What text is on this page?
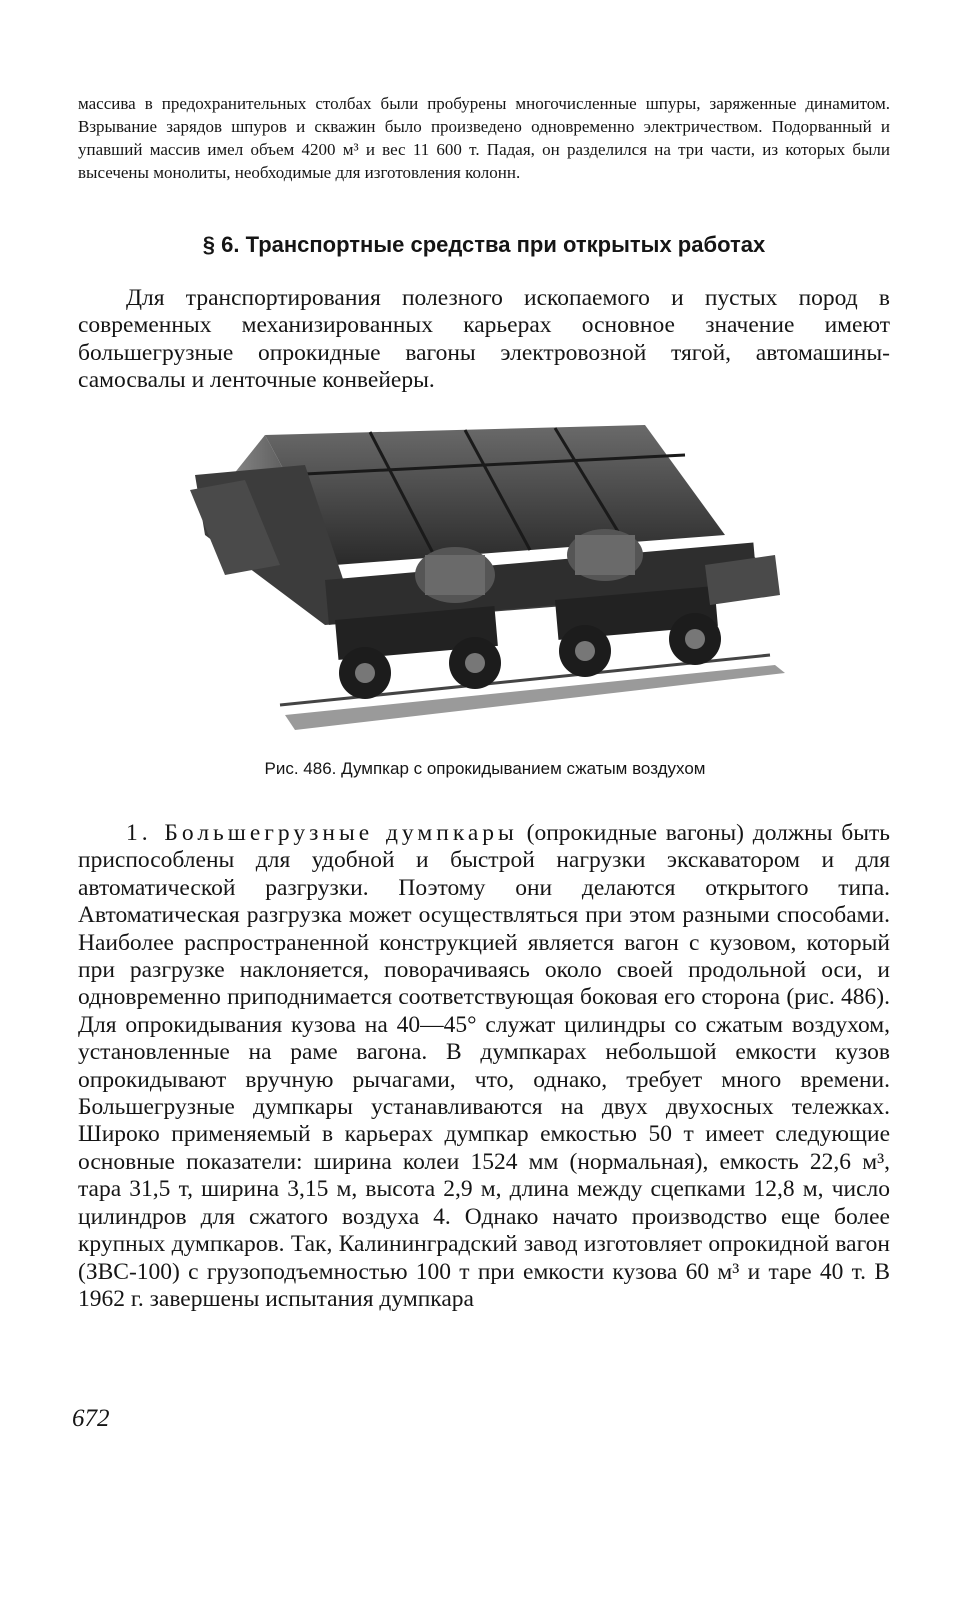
массива в предохранительных столбах были пробурены многочисленные шпуры, заряженные динамитом. Взрывание зарядов шпуров и скважин было произведено одновременно электричеством. Подорванный и упавший массив имел объем 4200 м³ и вес 11 600 т. Падая, он разделился на три части, из которых были высечены монолиты, необходимые для изготовления колонн.

§ 6. Транспортные средства при открытых работах

Для транспортирования полезного ископаемого и пустых пород в современных механизированных карьерах основное значение имеют большегрузные опрокидные вагоны электровозной тягой, автомашины-самосвалы и ленточные конвейеры.

Рис. 486. Думпкар с опрокидыванием сжатым воздухом

1. Большегрузные думпкары (опрокидные вагоны) должны быть приспособлены для удобной и быстрой нагрузки экскаватором и для автоматической разгрузки. Поэтому они делаются открытого типа. Автоматическая разгрузка может осуществляться при этом разными способами. Наиболее распространенной конструкцией является вагон с кузовом, который при разгрузке наклоняется, поворачиваясь около своей продольной оси, и одновременно приподнимается соответствующая боковая его сторона (рис. 486). Для опрокидывания кузова на 40—45° служат цилиндры со сжатым воздухом, установленные на раме вагона. В думпкарах небольшой емкости кузов опрокидывают вручную рычагами, что, однако, требует много времени. Большегрузные думпкары устанавливаются на двух двухосных тележках. Широко применяемый в карьерах думпкар емкостью 50 т имеет следующие основные показатели: ширина колеи 1524 мм (нормальная), емкость 22,6 м³, тара 31,5 т, ширина 3,15 м, высота 2,9 м, длина между сцепками 12,8 м, число цилиндров для сжатого воздуха 4. Однако начато производство еще более крупных думпкаров. Так, Калининградский завод изготовляет опрокидной вагон (ЗВС-100) с грузоподъемностью 100 т при емкости кузова 60 м³ и таре 40 т. В 1962 г. завершены испытания думпкара

672
